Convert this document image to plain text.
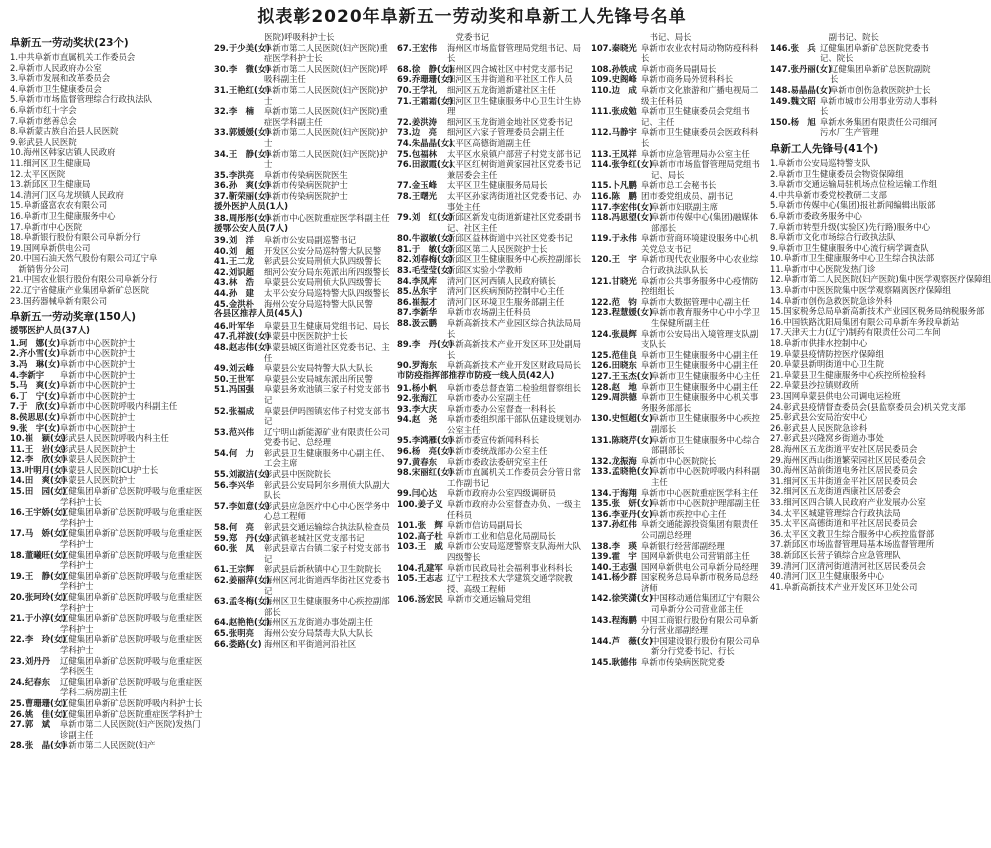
拟表彰2020年阜新五一劳动奖和阜新工人先锋号名单
阜新五一劳动奖状(23个)
1.中共阜新市直属机关工作委员会
2.阜新市人民政府办公室
3.阜新市发展和改革委员会
4.阜新市卫生健康委员会
5.阜新市市场监督管理综合行政执法队
6.阜新市红十字会
7.阜新市慈善总会
8.阜新蒙古族自治县人民医院
9.彰武县人民医院
10.海州区韩家店镇人民政府
11.细河区卫生健康局
12.太平区医院
13.新邱区卫生健康局
14.清河门区乌龙坝镇人民政府
15.阜新盛富农农有限公司
16.阜新市卫生健康服务中心
17.阜新市中心医院
18.阜新银行股份有限公司阜新分行
19.国网阜新供电公司
20.中国石油天然气股份有限公司辽宁阜
　新销售分公司
21.中国农业银行股份有限公司阜新分行
22.辽宁省健康产业集团阜新矿总医院
23.国药器械阜新有限公司
阜新五一劳动奖章(150人)
援鄂医护人员(37人)
1.珂　娜(女) 阜新市中心医院护士
2.齐小雪(女) 阜新市中心医院护士
3.冯　琳(女) 阜新市中心医院护士
4.李新宇	阜新市中心医院护士
5.马　爽(女) 阜新市中心医院护士
6.丁　宁(女) 阜新市中心医院护士
7.于　欣(女) 阜新市中心医院呼吸内科副主任
8.侯思思(女) 阜新市中心医院护士
9.张　宇(女) 阜新市中心医院护士
10.崔　颖(女)
彰武县人民医院呼吸内科主任
11.王　岩(女)
彰武县人民医院护士
12.李　欣(女)
阜蒙县人民医院护士
13.叶明月(女)
阜蒙县人民医院ICU护士长
14.田　爽(女)
阜蒙县人民医院护士
15.田　园(女)
辽健集团阜新矿总医院呼吸与危重症医学科护士长
16.王宇娇(女)
辽健集团阜新矿总医院呼吸与危重症医学科护士
17.马　娇(女)
辽健集团阜新矿总医院呼吸与危重症医学科护士
18.董曦旺(女)
辽健集团阜新矿总医院呼吸与危重症医学科护士
19.王　静(女)
辽健集团阜新矿总医院呼吸与危重症医学科护士
20.张珂玲(女)
辽健集团阜新矿总医院呼吸与危重症医学科护士
21.于小淳(女)
辽健集团阜新矿总医院呼吸与危重症医学科护士
22.李　玲(女)
辽健集团阜新矿总医院呼吸与危重症医学科护士
23.刘丹丹	辽健集团阜新矿总医院呼吸与危重症医学科医生
24.纪春东	辽健集团阜新矿总医院呼吸与危重症医学科二病房副主任
25.曹珊珊(女)
辽健集团阜新矿总医院呼吸内科护士长
26.姚　佳(女)
辽健集团阜新矿总医院重症医学科护士
27.郭　斌	阜新市第二人民医院(妇产医院)发热门诊副主任
28.张　晶(女)
阜新市第二人民医院(妇产
　　　　　　医院)呼吸科护士长
29.于少美(女)
阜新市第二人民医院(妇产医院)重症医学科护士长
30.李　微(女)
阜新市第二人民医院(妇产医院)呼吸科副主任
31.王艳红(女)
阜新市第二人民医院(妇产医院)护士
32.李　楠	阜新市第二人民医院(妇产医院)重症医学科副主任
33.郭媛媛(女)
阜新市第二人民医院(妇产医院)护士
34.王　静(女)
阜新市第二人民医院(妇产医院)护士
35.李洪亮	阜新市传染病医院医生
36.孙　爽(女)
阜新市传染病医院护士
37.靳荣丽(女)
阜新市传染病医院护士
援外医护人员(1人)
38.周彤彤(女)
阜新市中心医院重症医学科副主任
援鄂公安人员(7人)
39.刘　洋	阜新市公安局副巡警书记
40.刘　超	开发区公安分局巡特警大队民警
41.王二龙	彰武县公安局刑侦大队四级警长
42.刘识超	细河公安分局东苑派出所四级警长
43.林　浩	阜蒙县公安局刑侦大队四级警长
44.孙　建	太平公安分局巡特警大队四级警长
45.金洪朴	海州公安分局巡特警大队民警
各县区推荐人员(45人)
46.叶军华	阜蒙县卫生健康局党组书记、局长
47.孔祥波(女)
阜蒙县中医医院护士长
48.赵志伟(女)
阜蒙县城区街道社区党委书记、主任
49.刘云峰	阜蒙县公安局特警大队大队长
50.王世军	阜蒙县公安局城东派出所民警
51.冯国强	阜蒙县务欢池镇三家子村党支部书记
52.张福成	阜蒙县伊吗图镇宏伟子村党支部书记
53.范兴伟	辽宁明山新能源矿业有限责任公司党委书记、总经理
54.何　力	彰武县卫生健康服务中心副主任、工会主席
55.刘淑洁(女)
彰武县中医院院长
56.李兴华	彰武县公安局阿尔乡刑侦大队副大队长
57.李如意(女)
彰武县应急医疗中心中心医学务中心总工程师
58.何　亮	彰武县交通运输综合执法队检查员
59.郑　丹(女)
彰武镇老城社区党支部书记
60.张　凤	彰武县章古台镇二家子村党支部书记
61.王宗辉	彰武县后新秋镇中心卫生院院长
62.姜丽萍(女)
海州区河北街道西华街社区党委书记
63.孟冬梅(女)
海州区卫生健康服务中心疾控副部部长
64.赵艳艳(女)
海州区五龙街道办事处副主任
65.张明亮	海州公安分局禁毒大队大队长
66.娄路(女) 海州区和平街道河沿社区
　　　　　　　党委书记
67.王宏伟	海州区市场监督管理局党组书记、局长
68.徐　静(女)
海州区四合城社区中村党支部书记
69.乔珊珊(女)
细河区玉井街道和平社区工作人员
70.王学礼	细河区五龙街道新建社区主任
71.王霜霜(女)
细河区卫生健康服务中心卫生计生协理
72.姜洪涛	细河区玉龙街道金地社区党委书记
73.边　亮	细河区六家子管理委员会副主任
74.朱晶晶(女)
太平区高德街道副主任
75.包福林	太平区水泉镇户部营子村党支部书记
76.田淑霞(女)
太平区红树街道黄家园社区党委书记兼居委会主任
77.金玉峰	太平区卫生健康服务局局长
78.王曙光	太平区孙家湾街道社区党委书记、办事处主任
79.刘　红(女)
新邱区新发屯街道新建社区党委副书记、社区主任
80.牛淑敏(女)
新邱区益林街道中兴社区党委书记
81.于　敏(女)
新邱区第二人民医院护士长
82.刘春梅(女)
新邱区卫生健康服务中心疾控副部长
83.毛莹莹(女)
新邱区实验小学教师
84.李凤库	清河门区河西镇人民政府镇长
85.丛东宇	清河门区疾病预防控制中心主任
86.崔振才	清河门区环境卫生服务部副主任
87.李新华	阜新市农场副主任科员
88.汲云鹏	阜新高新技术产业园区综合执法局局长
89.李　丹(女)
阜新高新技术产业开发区环卫处副局长
90.罗海东	阜新高新技术产业开发区财政局局长
市防疫指挥部推荐市防疫一线人员(42人)
91.杨小帆	阜新市委总督查第二检验组督察组长
92.张海江	阜新市委办公室副主任
93.李大庆	阜新市委办公室督查一科科长
94.赵　尧	阜新市委组织部干部队伍建设规划办公室主任
95.李鸿雁(女)
阜新市委宣传新闻科科长
96.杨　亮(女)
阜新市委统战部办公室主任
97.黄春东	阜新市委政法委研究室主任
98.宋丽红(女)
阜新市直属机关工作委员会分管日常工作副书记
99.闫心达	阜新市政府办公室四级调研员
100.姜子义 阜新市政府办公室督查办负、一级主任科员
101.张　辉 阜新市信访局副局长
102.高子杜 阜新市工业和信息化局副局长
103.王　威 阜新市公安局巡逻警察支队海州大队四级警长
104.孔建军 阜新市民政局社会福利事业科科长
105.王志志 辽宁工程技术大学建筑交通学院教授、高级工程师
106.汤宏民 阜新市交通运输局党组
　　　　　　　书记、局长
107.秦晓光 阜新市农业农村局动物防疫科科长
108.孙铁成 阜新市商务局副局长
109.史阁峰 阜新市商务局外贸科科长
110.边　成 阜新市文化旅游和广播电视局二级主任科员
111.张成勉 阜新市卫生健康委员会党组书记、主任
112.马静宇 阜新市卫生健康委员会医政科科长
113.王凤祥 阜新市应急管理局办公室主任
114.张争红(女)
阜新市市场监督管理局党组书记、局长
115.卜凡鹏 阜新市总工会秘书长
116.陈　鹏 团市委党组成员、副书记
117.李宏伟(女)
阜新市妇联副主席
118.冯思望(女)
阜新市传媒中心(集团)融媒体部部长
119.于永伟 阜新市营商环境建设服务中心机关党总支书记
120.王　宇 阜新市现代农业服务中心农业综合行政执法队队长
121.甘晓光 阜新市公共事务服务中心疫情防控组组长
122.范　钧 阜新市大数据管理中心副主任
123.程慧媛(女)
阜新市教育服务中心中小学卫生保健所副主任
124.张晨辉 阜新市公安局出入境管理支队副支队长
125.范佳良 阜新市卫生健康服务中心副主任
126.田晓东 阜新市卫生健康服务中心副主任
127.王玉杰(女)
阜新市卫生健康服务中心主任
128.赵　地 阜新市卫生健康服务中心副主任
129.周洪德 阜新市卫生健康服务中心机关事务服务部部长
130.史恒超(女)
阜新市卫生健康服务中心疾控副部长
131.陈晓芹(女)
阜新市卫生健康服务中心综合部副部长
132.龙振海 阜新市中心医院院长
133.孟晓艳(女)
阜新市中心医院呼吸内科科副主任
134.于海翔 阜新市中心医院重症医学科主任
135.张　妍(女)
阜新市中心医院护理部副主任
136.李亚丹(女)
阜新市疾控中心主任
137.孙红伟 阜新交通能源投资集团有限责任公司副总经理
138.李　瑛 阜新银行经营部副经理
139.霍　宇 国网阜新供电公司营销部主任
140.王志强 国网阜新供电公司阜新分局经理
141.杨少群 国家税务总局阜新市税务局总经济师
142.徐笑潇(女)
中国移动通信集团辽宁有限公司阜新分公司营业部主任
143.程海鹏 中国工商银行股份有限公司阜新分行营业部副经理
144.芦　薇(女)
中国建设银行股份有限公司阜新分行党委书记、行长
145.耿德伟 阜新市传染病医院党委
　　　　　　　副书记、院长
146.张　兵 辽健集团阜新矿总医院党委书记、院长
147.张丹丽(女)
辽健集团阜新矿总医院副院长
148.易晶晶(女)
阜新市创伤急救医院护士长
149.魏文昭 阜新市城市公用事业劳动人事科长
150.杨　旭 阜新水务集团有限责任公司细河污水厂生产管理
阜新工人先锋号(41个)
1.阜新市公安局巡特警支队
2.阜新市卫生健康委员会物资保障组
3.阜新市交通运输局驻机场点位检运输工作组
4.中共阜新市委党校教研二支部
5.阜新市传媒中心(集团)报社新闻编辑出版部
6.阜新市委政务服务中心
7.阜新市转型升级(实验区)先行路)服务中心
8.阜新市文化市场综合行政执法队
9.阜新市卫生健康服务中心流行病学调查队
10.阜新市卫生健康服务中心卫生综合执法部
11.阜新市中心医院发热门诊
12.阜新市第二人民医院(妇产医院)集中医学观察医疗保障组
13.阜新市中医医院集中医学观察隔离医疗保障组
14.阜新市创伤急救医院急诊外科
15.国家税务总局阜新高新技术产业园区税务局纳税服务部
16.中国铁路沈阳局集团有限公司阜新车务段阜新站
17.天津天士力(辽宁)制药有限责任公司二车间
18.阜新市供排水控制中心
19.阜蒙县疫情防控医疗保障组
20.阜蒙县新明街道中心卫生院
21.阜蒙县卫生健康服务中心疾控所检验科
22.阜蒙县沙拉镇财政所
23.国网阜蒙县供电公司调电运检班
24.彰武县疫情督查委员会(县监察委员会)机关党支部
25.彰武县公安局治安中心
26.彰武县人民医院急诊科
27.彰武县兴隆窝乡街道办事处
28.海州区五龙街道平安社区居民委员会
29.海州区西山街道繁荣园社区居民委员会
30.海州区站前街道电务社区居民委员会
31.细河区玉井街道金平社区居民委员会
32.细河区五龙街道西康社区居委会
33.细河区四合镇人民政府产业发展办公室
34.太平区城建管理综合行政执法局
35.太平区高德街道和平社区居民委员会
36.太平区文教卫生综合服务中心疾控监督部
37.新邱区市场监督管理局基本场监督管理所
38.新邱区长营子镇综合应急管理队
39.清河门区清河街道清河社区居民委员会
40.清河门区卫生健康服务中心
41.阜新高新技术产业开发区环卫处公司
